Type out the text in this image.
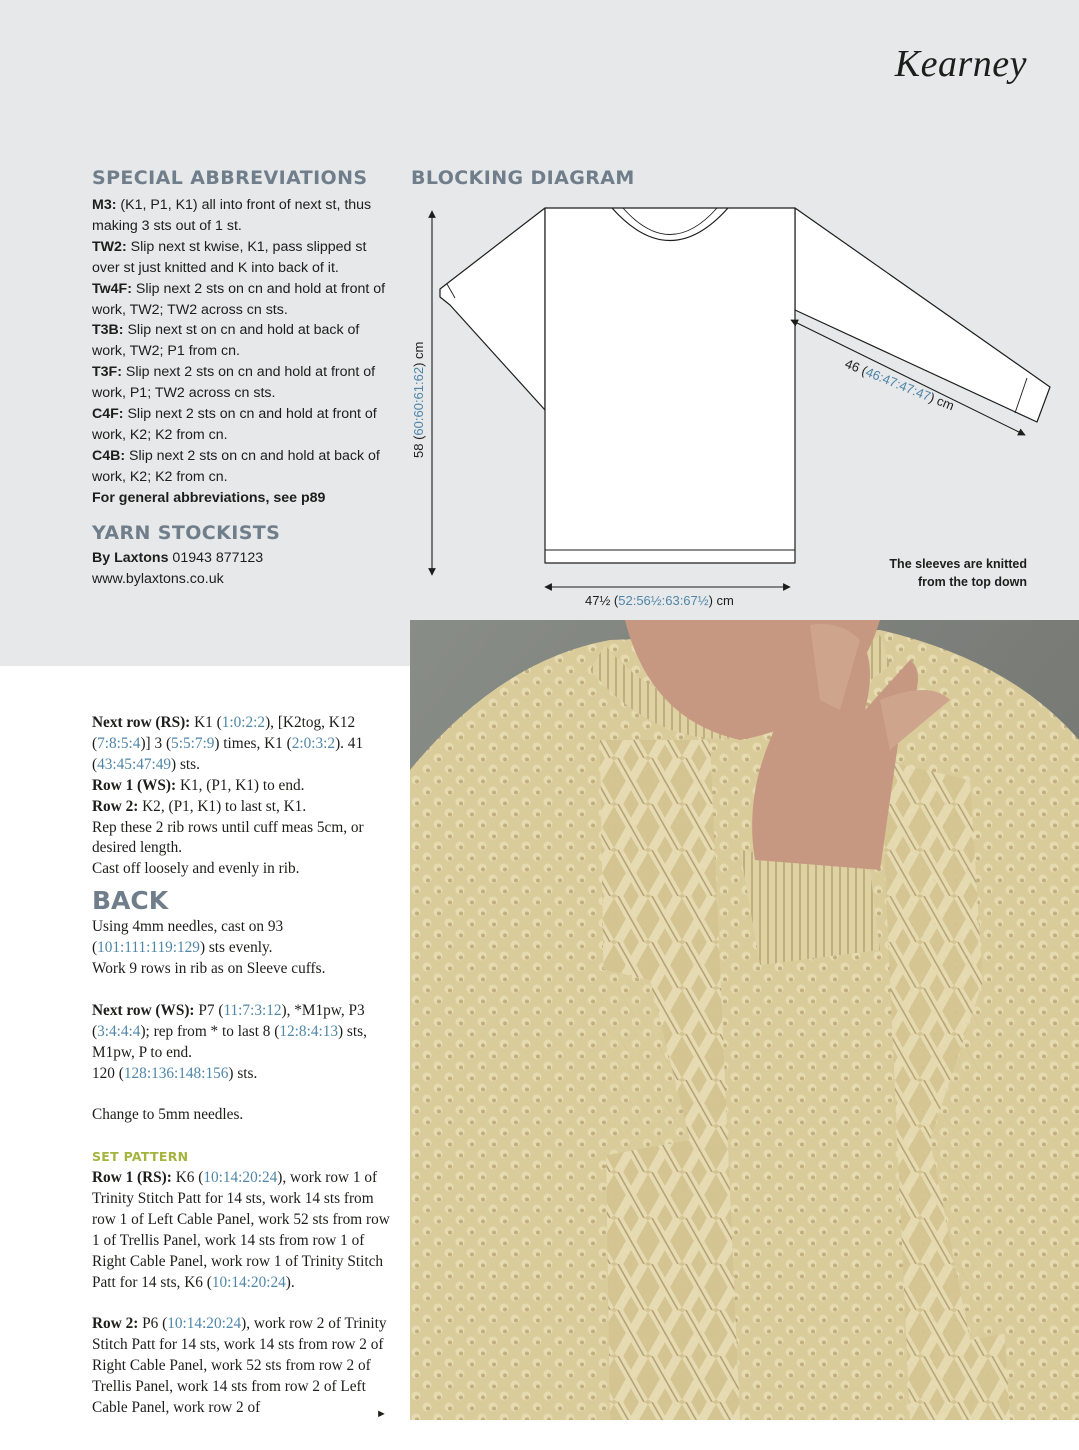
Kearney
SPECIAL ABBREVIATIONS
M3: (K1, P1, K1) all into front of next st, thus making 3 sts out of 1 st.
TW2: Slip next st kwise, K1, pass slipped st over st just knitted and K into back of it.
Tw4F: Slip next 2 sts on cn and hold at front of work, TW2; TW2 across cn sts.
T3B: Slip next st on cn and hold at back of work, TW2; P1 from cn.
T3F: Slip next 2 sts on cn and hold at front of work, P1; TW2 across cn sts.
C4F: Slip next 2 sts on cn and hold at front of work, K2; K2 from cn.
C4B: Slip next 2 sts on cn and hold at back of work, K2; K2 from cn.
For general abbreviations, see p89
YARN STOCKISTS
By Laxtons 01943 877123
www.bylaxtons.co.uk
BLOCKING DIAGRAM
58 (60:60:61:62) cm
47½ (52:56½:63:67½) cm
46 (46:47:47:47) cm
The sleeves are knitted from the top down

Next row (RS): K1 (1:0:2:2), [K2tog, K12 (7:8:5:4)] 3 (5:5:7:9) times, K1 (2:0:3:2). 41 (43:45:47:49) sts.

Row 1 (WS): K1, (P1, K1) to end.

Row 2: K2, (P1, K1) to last st, K1.

Rep these 2 rib rows until cuff meas 5cm, or desired length.

Cast off loosely and evenly in rib.

BACK

Using 4mm needles, cast on 93 (101:111:119:129) sts evenly.

Work 9 rows in rib as on Sleeve cuffs.

Next row (WS): P7 (11:7:3:12), *M1pw, P3 (3:4:4:4); rep from * to last 8 (12:8:4:13) sts, M1pw, P to end.

120 (128:136:148:156) sts.

Change to 5mm needles.

SET PATTERN

Row 1 (RS): K6 (10:14:20:24), work row 1 of Trinity Stitch Patt for 14 sts, work 14 sts from row 1 of Left Cable Panel, work 52 sts from row 1 of Trellis Panel, work 14 sts from row 1 of Right Cable Panel, work row 1 of Trinity Stitch Patt for 14 sts, K6 (10:14:20:24).

Row 2: P6 (10:14:20:24), work row 2 of Trinity Stitch Patt for 14 sts, work 14 sts from row 2 of Right Cable Panel, work 52 sts from row 2 of Trellis Panel, work 14 sts from row 2 of Left Cable Panel, work row 2 of	►
